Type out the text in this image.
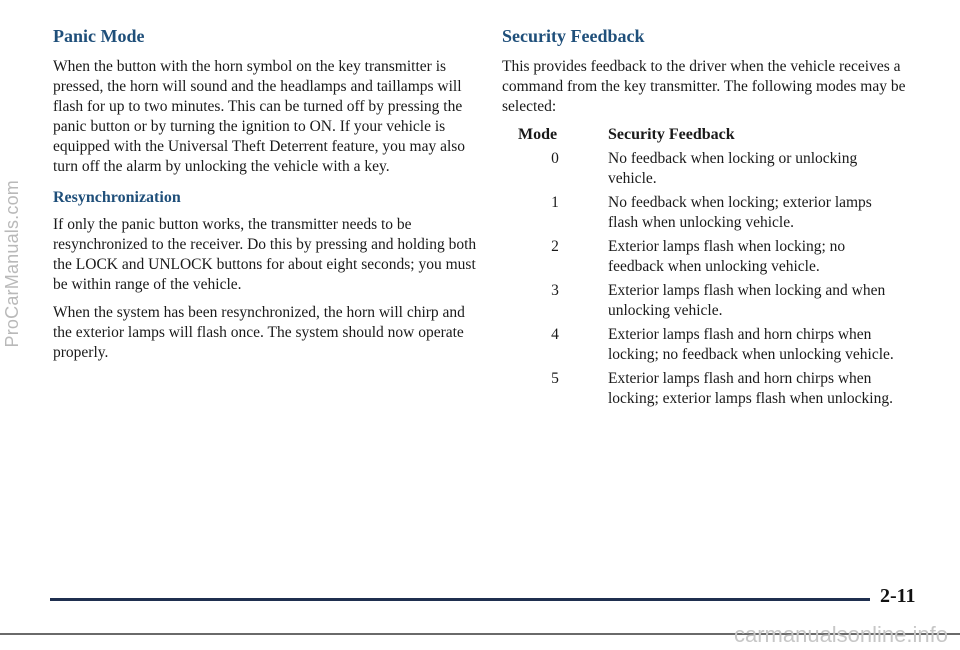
ProCarManuals.com
Panic Mode

When the button with the horn symbol on the key transmitter is pressed, the horn will sound and the headlamps and taillamps will flash for up to two minutes. This can be turned off by pressing the panic button or by turning the ignition to ON. If your vehicle is equipped with the Universal Theft Deterrent feature, you may also turn off the alarm by unlocking the vehicle with a key.

Resynchronization

If only the panic button works, the transmitter needs to be resynchronized to the receiver. Do this by pressing and holding both the LOCK and UNLOCK buttons for about eight seconds; you must be within range of the vehicle.

When the system has been resynchronized, the horn will chirp and the exterior lamps will flash once. The system should now operate properly.

Security Feedback

This provides feedback to the driver when the vehicle receives a command from the key transmitter. The following modes may be selected:

Mode	Security Feedback
0	No feedback when locking or unlocking vehicle.
1	No feedback when locking; exterior lamps flash when unlocking vehicle.
2	Exterior lamps flash when locking; no feedback when unlocking vehicle.
3	Exterior lamps flash when locking and when unlocking vehicle.
4	Exterior lamps flash and horn chirps when locking; no feedback when unlocking vehicle.
5	Exterior lamps flash and horn chirps when locking; exterior lamps flash when unlocking.
2-11
carmanualsonline.info
